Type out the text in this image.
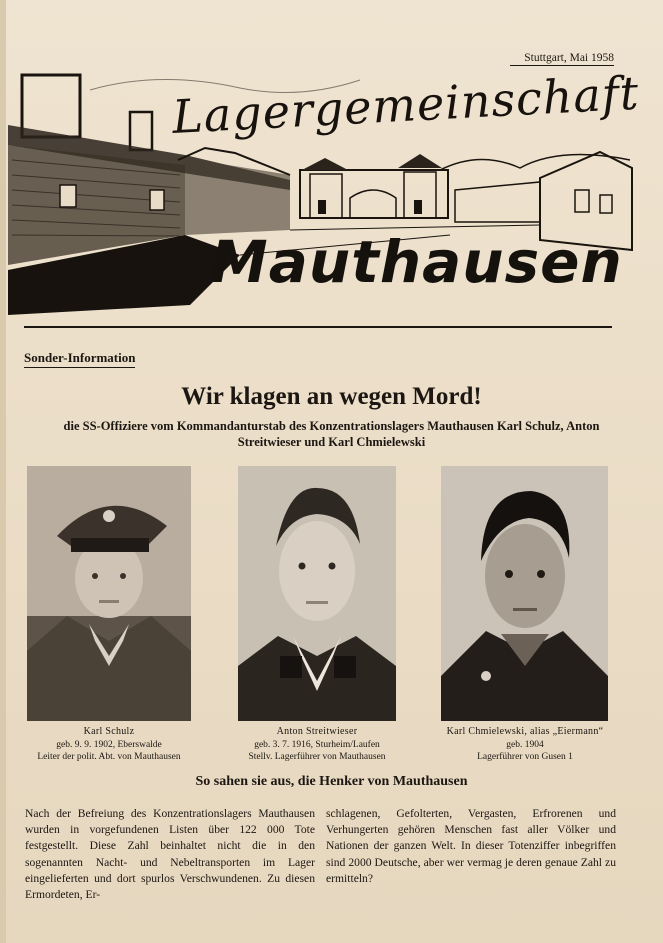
Stuttgart, Mai 1958
Lagergemeinschaft
Mauthausen
Sonder-Information
Wir klagen an wegen Mord!
die SS-Offiziere vom Kommandanturstab des Konzentrationslagers Mauthausen Karl Schulz, Anton Streitwieser und Karl Chmielewski
Karl Schulz
geb. 9. 9. 1902, Eberswalde
Leiter der polit. Abt. von Mauthausen
Anton Streitwieser
geb. 3. 7. 1916, Sturheim/Laufen
Stellv. Lagerführer von Mauthausen
Karl Chmielewski, alias „Eiermann“
geb. 1904
Lagerführer von Gusen 1
So sahen sie aus, die Henker von Mauthausen
Nach der Befreiung des Konzentrationslagers Mauthausen wurden in vorgefundenen Listen über 122 000 Tote festgestellt. Diese Zahl beinhaltet nicht die in den sogenannten Nacht- und Nebeltransporten im Lager eingelieferten und dort spurlos Verschwundenen. Zu diesen Ermordeten, Er-
schlagenen, Gefolterten, Vergasten, Erfrorenen und Verhungerten gehören Menschen fast aller Völker und Nationen der ganzen Welt. In dieser Totenziffer inbegriffen sind 2000 Deutsche, aber wer vermag je deren genaue Zahl zu ermitteln?
